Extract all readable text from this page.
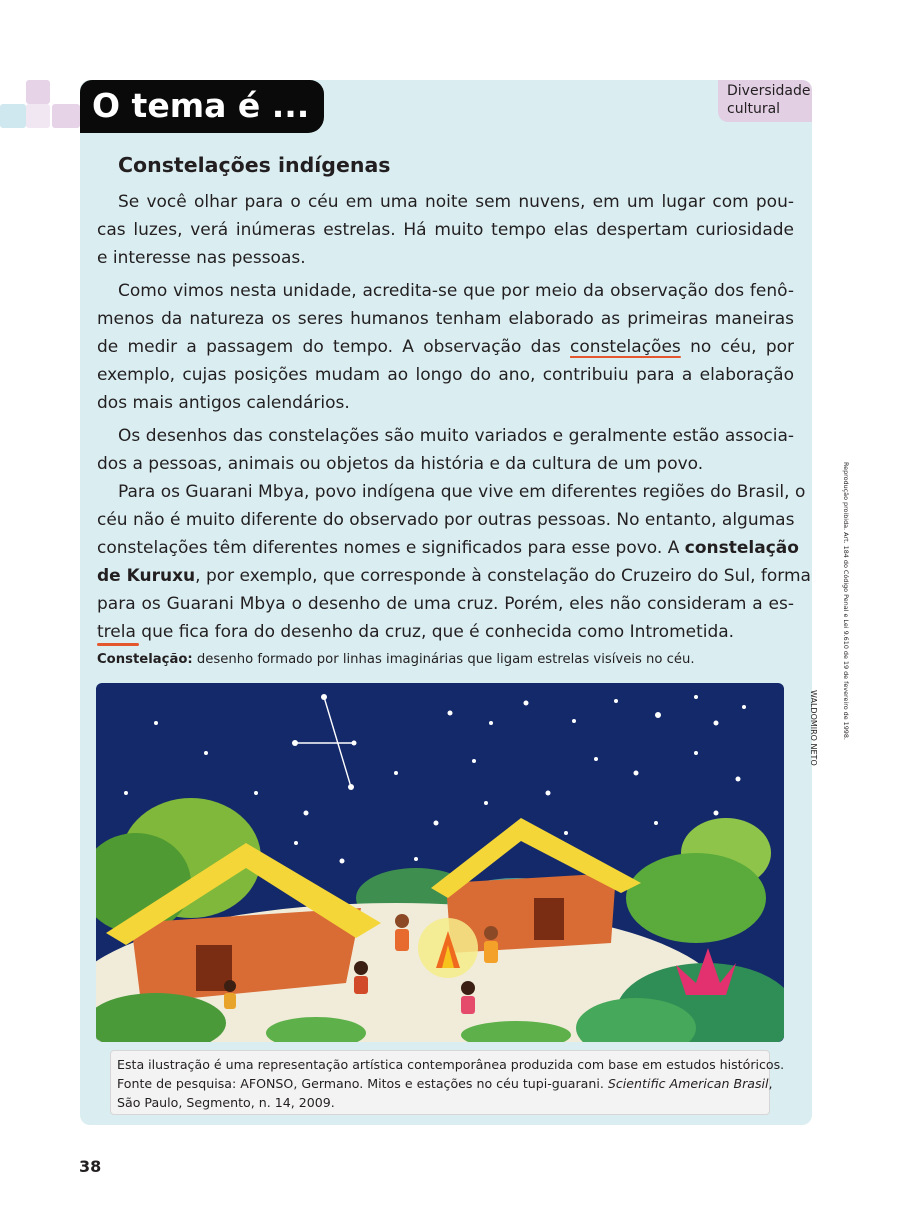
O tema é ...	Diversidade
cultural
Constelações indígenas
Se você olhar para o céu em uma noite sem nuvens, em um lugar com pou-
cas luzes, verá inúmeras estrelas. Há muito tempo elas despertam curiosidade
e interesse nas pessoas.
Como vimos nesta unidade, acredita-se que por meio da observação dos fenô-
menos da natureza os seres humanos tenham elaborado as primeiras maneiras
de medir a passagem do tempo. A observação das constelações no céu, por
exemplo, cujas posições mudam ao longo do ano, contribuiu para a elaboração
dos mais antigos calendários.
Os desenhos das constelações são muito variados e geralmente estão associa-
dos a pessoas, animais ou objetos da história e da cultura de um povo.
Para os Guarani Mbya, povo indígena que vive em diferentes regiões do Brasil, o
céu não é muito diferente do observado por outras pessoas. No entanto, algumas
constelações têm diferentes nomes e significados para esse povo. A constelação
de Kuruxu, por exemplo, que corresponde à constelação do Cruzeiro do Sul, forma
para os Guarani Mbya o desenho de uma cruz. Porém, eles não consideram a es-
trela que fica fora do desenho da cruz, que é conhecida como Intrometida.
Constelação: desenho formado por linhas imaginárias que ligam estrelas visíveis no céu.
WALDOMIRO NETO	Reprodução proibida. Art. 184 do Código Penal e Lei 9.610 de 19 de fevereiro de 1998.
Esta ilustração é uma representação artística contemporânea produzida com base em estudos históricos.
Fonte de pesquisa: AFONSO, Germano. Mitos e estações no céu tupi-guarani. Scientific American Brasil,
São Paulo, Segmento, n. 14, 2009.
38
